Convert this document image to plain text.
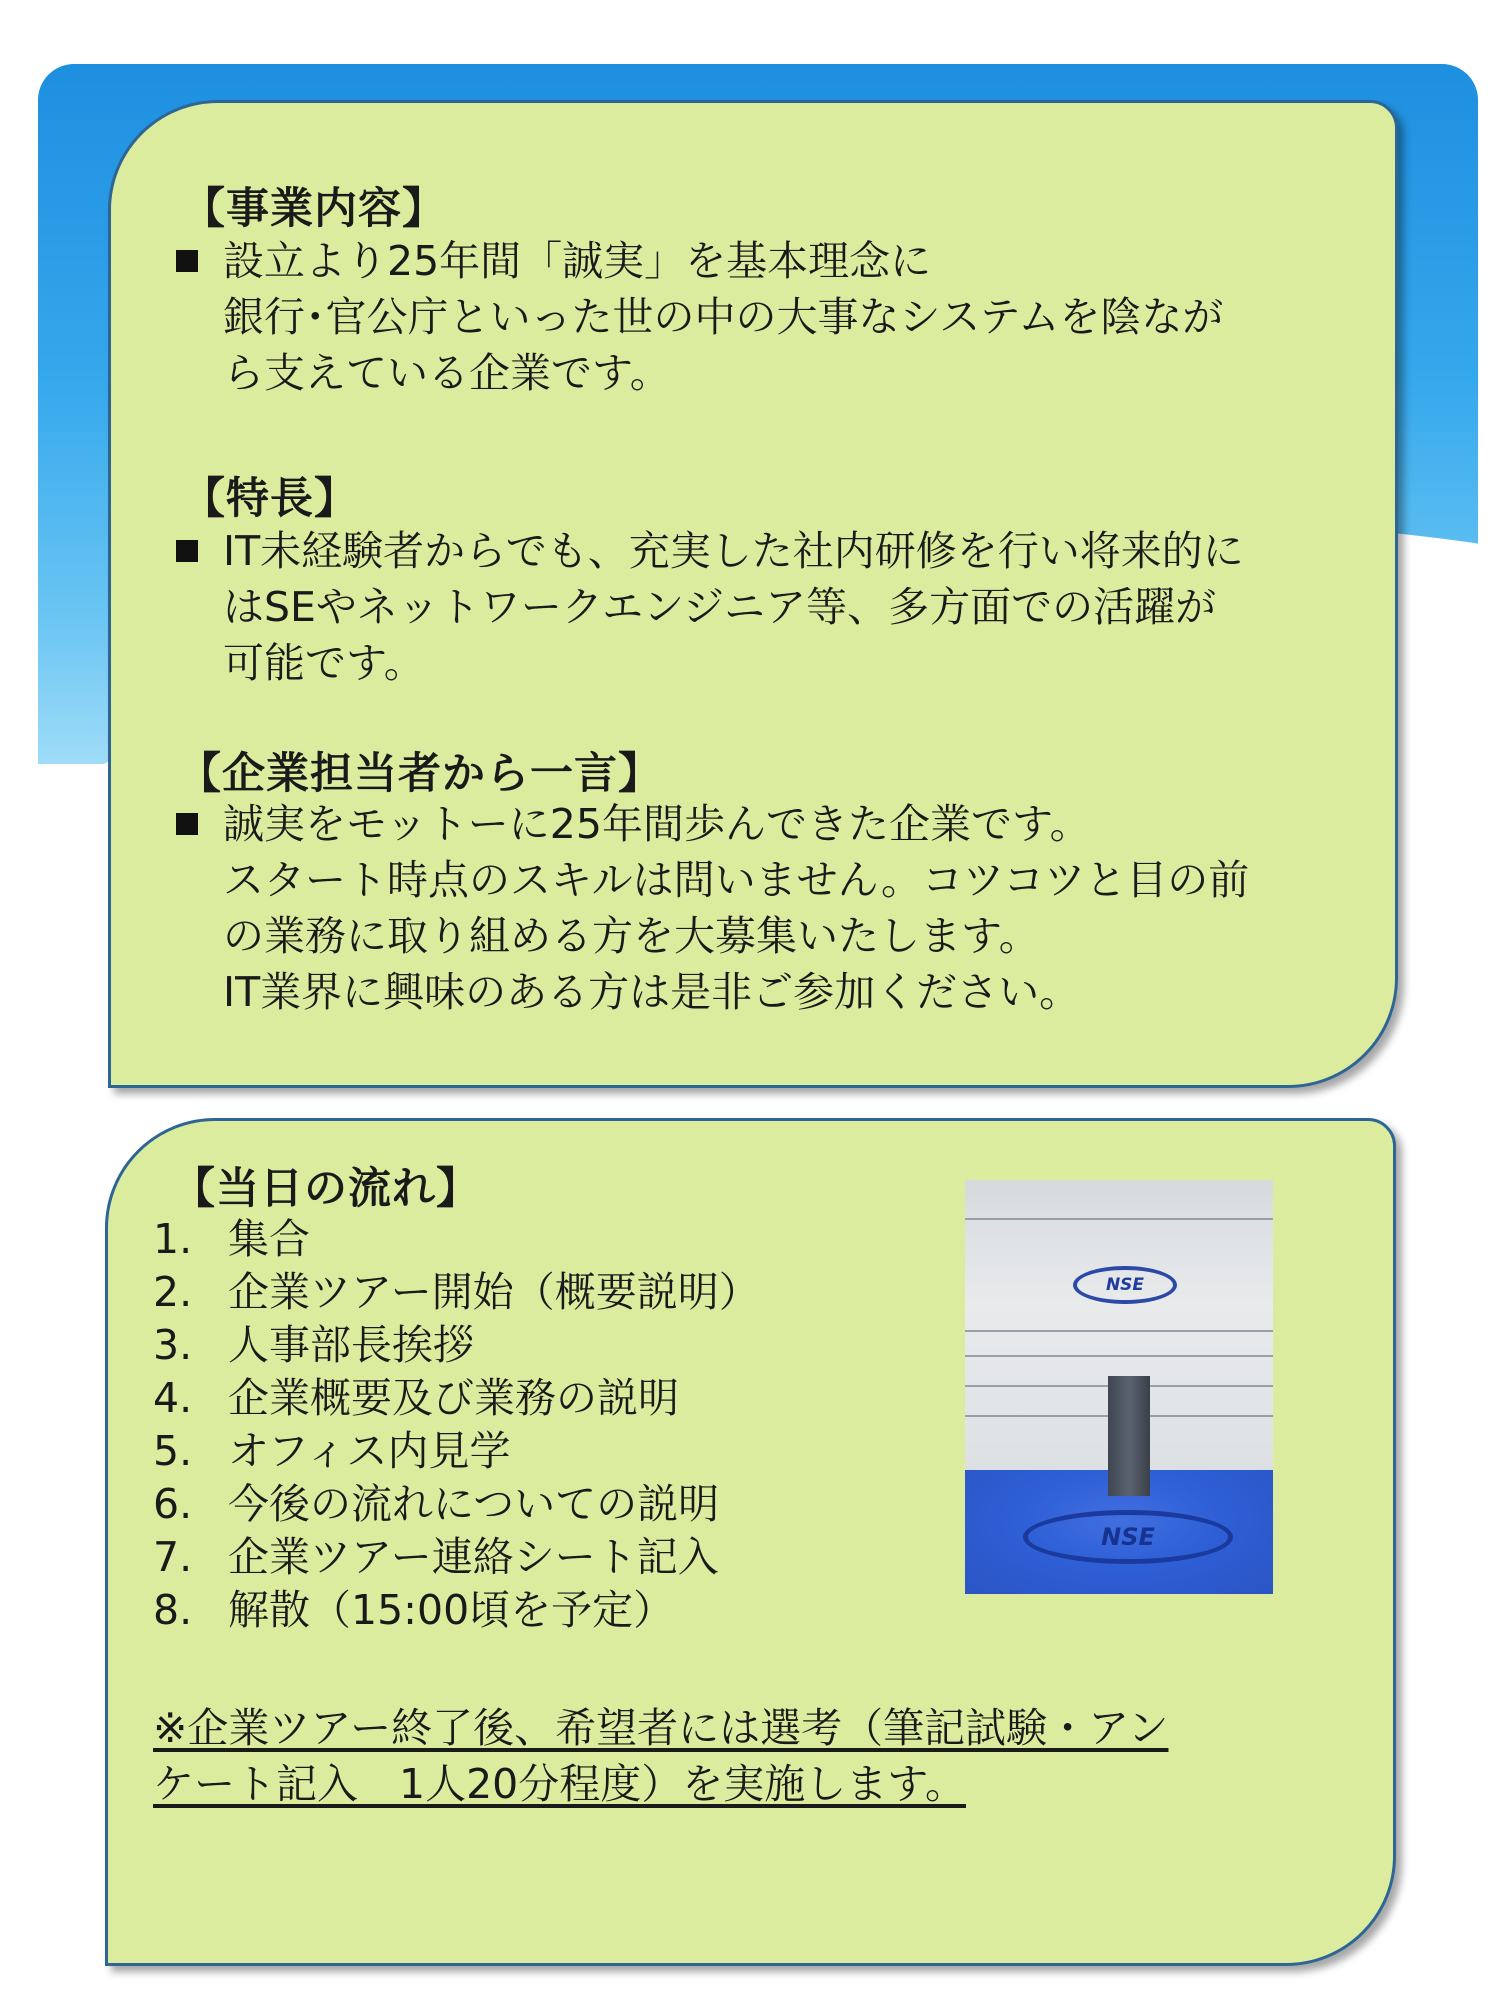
【事業内容】
設立より25年間「誠実」を基本理念に
銀行･官公庁といった世の中の大事なシステムを陰なが
ら支えている企業です。
【特長】
IT未経験者からでも、充実した社内研修を行い将来的に
はSEやネットワークエンジニア等、多方面での活躍が
可能です。
【企業担当者から一言】
誠実をモットーに25年間歩んできた企業です。
スタート時点のスキルは問いません。コツコツと目の前
の業務に取り組める方を大募集いたします。
IT業界に興味のある方は是非ご参加ください。
【当日の流れ】
1. 集合
2. 企業ツアー開始（概要説明）
3. 人事部長挨拶
4. 企業概要及び業務の説明
5. オフィス内見学
6. 今後の流れについての説明
7. 企業ツアー連絡シート記入
8. 解散（15:00頃を予定）
※企業ツアー終了後、希望者には選考（筆記試験・アン
ケート記入　1人20分程度）を実施します。
NSE
NSE
